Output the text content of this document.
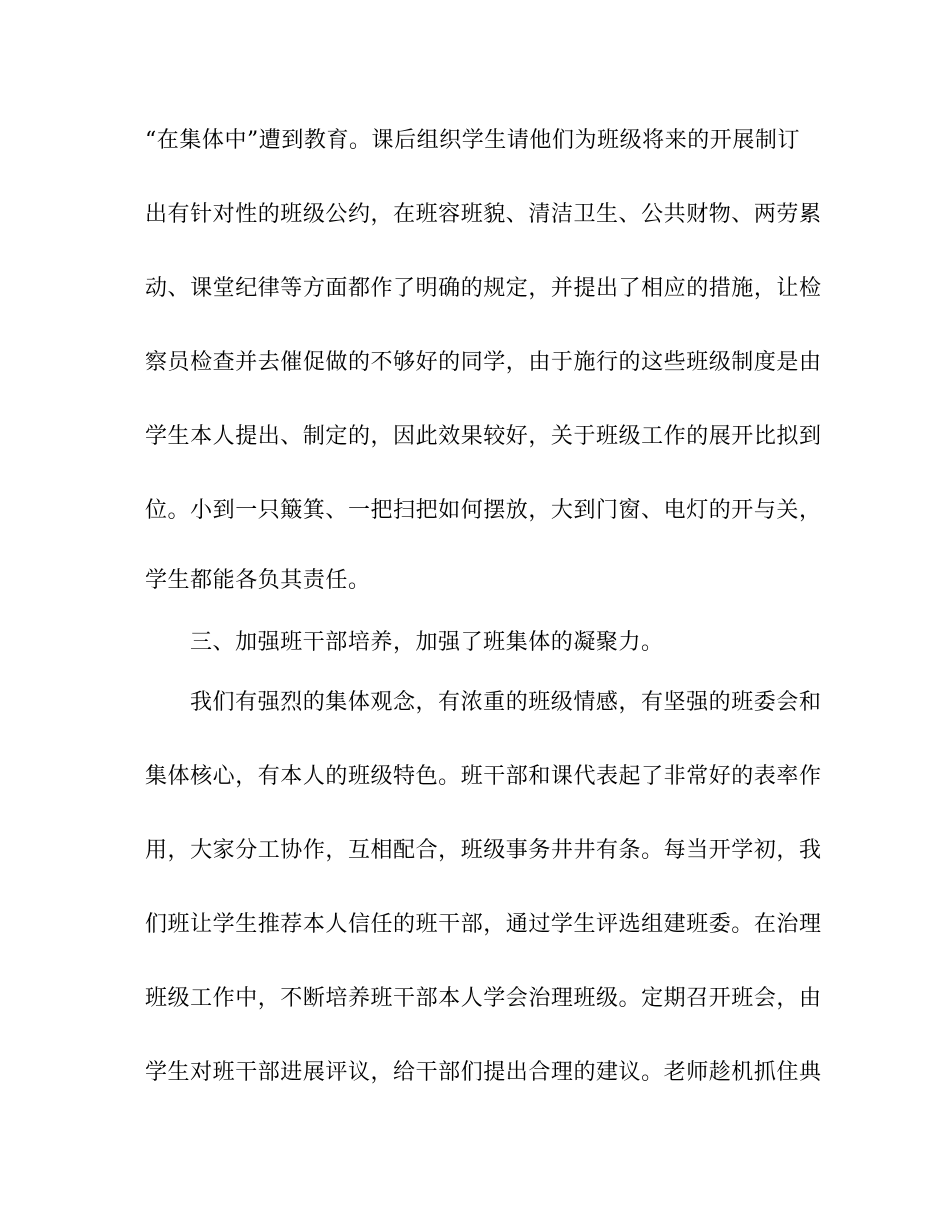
“在集体中”遭到教育。课后组织学生请他们为班级将来的开展制订
出有针对性的班级公约，在班容班貌、清洁卫生、公共财物、两劳累
动、课堂纪律等方面都作了明确的规定，并提出了相应的措施，让检
察员检查并去催促做的不够好的同学，由于施行的这些班级制度是由
学生本人提出、制定的，因此效果较好，关于班级工作的展开比拟到
位。小到一只簸箕、一把扫把如何摆放，大到门窗、电灯的开与关，
学生都能各负其责任。
三、加强班干部培养，加强了班集体的凝聚力。
我们有强烈的集体观念，有浓重的班级情感，有坚强的班委会和
集体核心，有本人的班级特色。班干部和课代表起了非常好的表率作
用，大家分工协作，互相配合，班级事务井井有条。每当开学初，我
们班让学生推荐本人信任的班干部，通过学生评选组建班委。在治理
班级工作中，不断培养班干部本人学会治理班级。定期召开班会，由
学生对班干部进展评议，给干部们提出合理的建议。老师趁机抓住典
